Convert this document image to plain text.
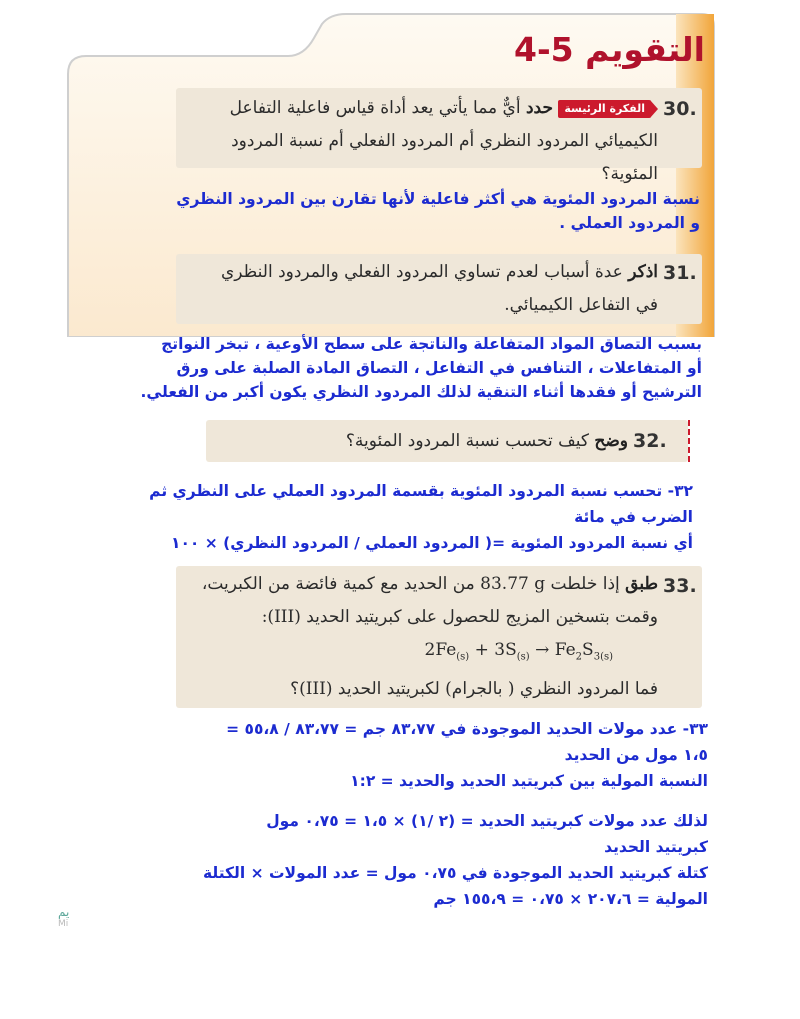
التقويم 5-4
30.
الفكرة الرئيسة حدد أيٌّ مما يأتي يعد أداة قياس فاعلية التفاعل
الكيميائي المردود النظري أم المردود الفعلي أم نسبة المردود المئوية؟
نسبة المردود المئوية هي أكثر فاعلية لأنها تقارن بين المردود النظري
و المردود العملي .
31.
اذكر عدة أسباب لعدم تساوي المردود الفعلي والمردود النظري
في التفاعل الكيميائي.
بسبب التصاق المواد المتفاعلة والناتجة على سطح الأوعية ، تبخر النواتج
أو المتفاعلات ، التنافس في التفاعل ، التصاق المادة الصلبة على ورق
الترشيح أو فقدها أثناء التنقية لذلك المردود النظري يكون أكبر من الفعلي.
32.
وضح كيف تحسب نسبة المردود المئوية؟
٣٢- تحسب نسبة المردود المئوية بقسمة المردود العملي على النظري ثم
الضرب في مائة
أي نسبة المردود المئوية =( المردود العملي / المردود النظري) × ١٠٠
33.
طبق إذا خلطت 83.77 g من الحديد مع كمية فائضة من الكبريت،
وقمت بتسخين المزيج للحصول على كبريتيد الحديد (III):
$2Fe_{(s)} + 3S_{(s)} \to Fe_2S_{3(s)}$
فما المردود النظري ( بالجرام) لكبريتيد الحديد (III)؟
٣٣- عدد مولات الحديد الموجودة في ٨٣،٧٧ جم = ٨٣،٧٧ / ٥٥،٨ =
١،٥ مول من الحديد
النسبة المولية بين كبريتيد الحديد والحديد = ١:٢
لذلك عدد مولات كبريتيد الحديد = (٢ /١) × ١،٥ = ٠،٧٥ مول
كبريتيد الحديد
كتلة كبريتيد الحديد الموجودة في ٠،٧٥ مول = عدد المولات × الكتلة
المولية = ٢٠٧،٦ × ٠،٧٥ = ١٥٥،٩ جم
يم
Mi
